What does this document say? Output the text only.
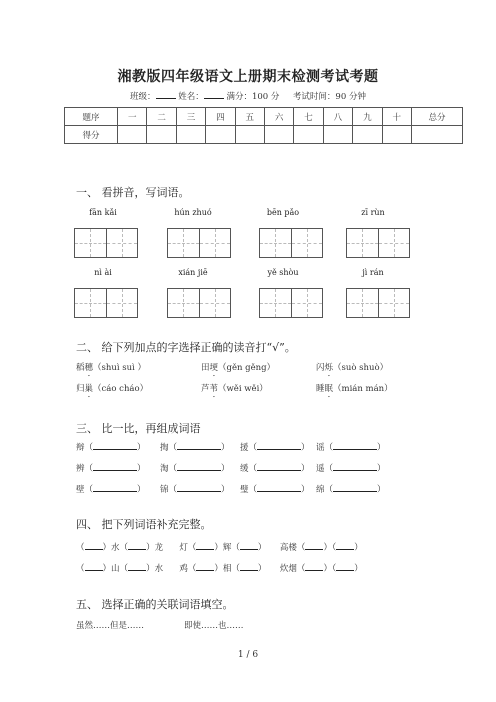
湘教版四年级语文上册期末检测考试考题
班级：	姓名：	满分：100 分 考试时间：90 分钟
题序	一	二	三	四	五	六	七	八	九	十	总分
得分											
一、 看拼音，写词语。
fān kǎi	hún zhuó	bēn pǎo	zī rùn
nì ài	xián jiē	yě shòu	jì rán
二、 给下列加点的字选择正确的读音打“√”。
稻穗（shuì suì ）	田埂（gěn gěng）	闪烁（suò shuò）
归巢（cáo cháo）	芦苇（wěi wěi）	睡眠（mián mán）
三、 比一比，再组成词语
辩（	） 掏（	） 援（	） 谣（	）
辨（	） 淘（	） 缓（	） 遥（	）
壁（	） 锦（	） 璧（	） 绵（	）
四、 把下列词语补充完整。
（ ）水（ ）龙 灯（ ）辉（ ）     高楼（ ）（ ）
（ ）山（ ）水 鸡（ ）相（ ）     炊烟（ ）（ ）
五、 选择正确的关联词语填空。
虽然……但是……	即使……也……
1 / 6
